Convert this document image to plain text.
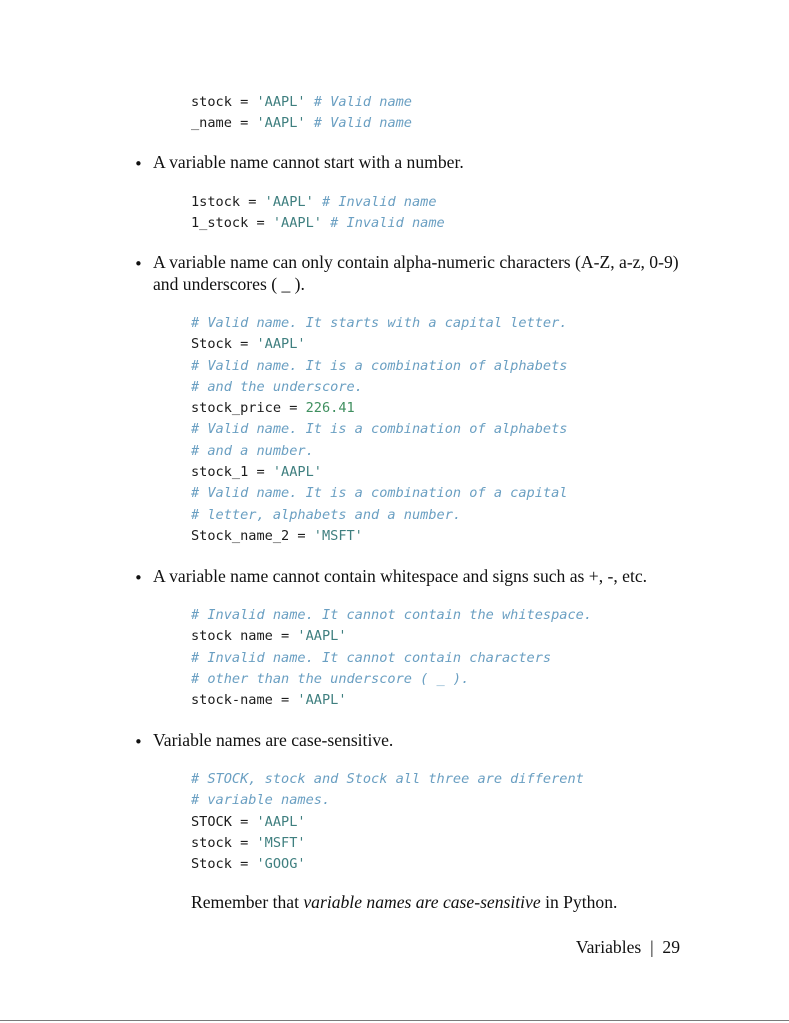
stock = 'AAPL' # Valid name
_name = 'AAPL' # Valid name
• A variable name cannot start with a number.
1stock = 'AAPL' # Invalid name
1_stock = 'AAPL' # Invalid name
• A variable name can only contain alpha-numeric characters (A-Z, a-z, 0-9) and underscores ( _ ).
# Valid name. It starts with a capital letter.
Stock = 'AAPL'
# Valid name. It is a combination of alphabets
# and the underscore.
stock_price = 226.41
# Valid name. It is a combination of alphabets
# and a number.
stock_1 = 'AAPL'
# Valid name. It is a combination of a capital
# letter, alphabets and a number.
Stock_name_2 = 'MSFT'
• A variable name cannot contain whitespace and signs such as +, -, etc.
# Invalid name. It cannot contain the whitespace.
stock name = 'AAPL'
# Invalid name. It cannot contain characters
# other than the underscore ( _ ).
stock-name = 'AAPL'
• Variable names are case-sensitive.
# STOCK, stock and Stock all three are different
# variable names.
STOCK = 'AAPL'
stock = 'MSFT'
Stock = 'GOOG'

Remember that variable names are case-sensitive in Python.

Variables | 29
